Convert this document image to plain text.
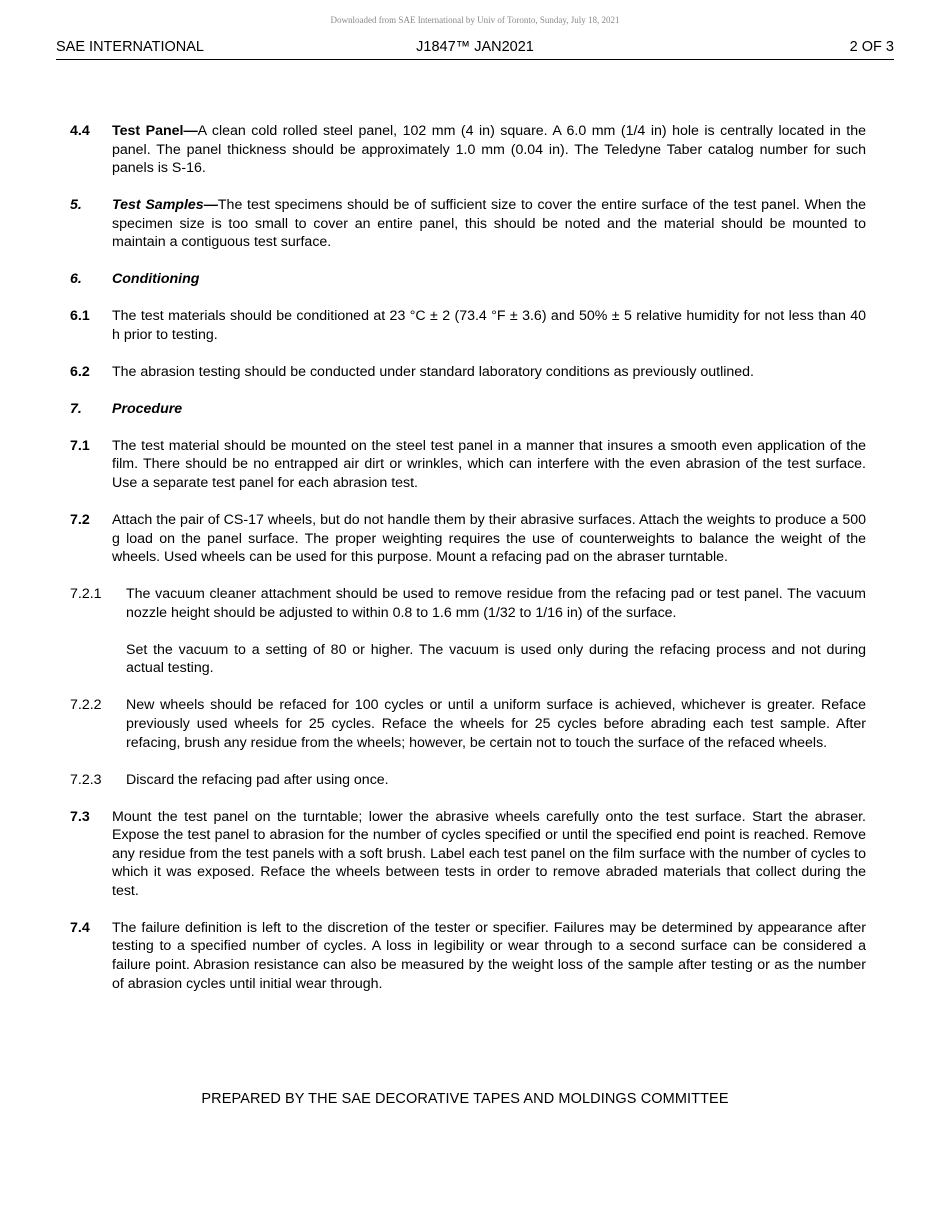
Downloaded from SAE International by Univ of Toronto, Sunday, July 18, 2021
SAE INTERNATIONAL	J1847™ JAN2021	2 OF 3
4.4	Test Panel—A clean cold rolled steel panel, 102 mm (4 in) square. A 6.0 mm (1/4 in) hole is centrally located in the panel. The panel thickness should be approximately 1.0 mm (0.04 in). The Teledyne Taber catalog number for such panels is S-16.
5.	Test Samples—The test specimens should be of sufficient size to cover the entire surface of the test panel. When the specimen size is too small to cover an entire panel, this should be noted and the material should be mounted to maintain a contiguous test surface.
6.	Conditioning
6.1	The test materials should be conditioned at 23 °C ± 2 (73.4 °F ± 3.6) and 50% ± 5 relative humidity for not less than 40 h prior to testing.
6.2	The abrasion testing should be conducted under standard laboratory conditions as previously outlined.
7.	Procedure
7.1	The test material should be mounted on the steel test panel in a manner that insures a smooth even application of the film. There should be no entrapped air dirt or wrinkles, which can interfere with the even abrasion of the test surface. Use a separate test panel for each abrasion test.
7.2	Attach the pair of CS-17 wheels, but do not handle them by their abrasive surfaces. Attach the weights to produce a 500 g load on the panel surface. The proper weighting requires the use of counterweights to balance the weight of the wheels. Used wheels can be used for this purpose. Mount a refacing pad on the abraser turntable.
7.2.1	The vacuum cleaner attachment should be used to remove residue from the refacing pad or test panel. The vacuum nozzle height should be adjusted to within 0.8 to 1.6 mm (1/32 to 1/16 in) of the surface.
Set the vacuum to a setting of 80 or higher. The vacuum is used only during the refacing process and not during actual testing.
7.2.2	New wheels should be refaced for 100 cycles or until a uniform surface is achieved, whichever is greater. Reface previously used wheels for 25 cycles. Reface the wheels for 25 cycles before abrading each test sample. After refacing, brush any residue from the wheels; however, be certain not to touch the surface of the refaced wheels.
7.2.3	Discard the refacing pad after using once.
7.3	Mount the test panel on the turntable; lower the abrasive wheels carefully onto the test surface. Start the abraser. Expose the test panel to abrasion for the number of cycles specified or until the specified end point is reached. Remove any residue from the test panels with a soft brush. Label each test panel on the film surface with the number of cycles to which it was exposed. Reface the wheels between tests in order to remove abraded materials that collect during the test.
7.4	The failure definition is left to the discretion of the tester or specifier. Failures may be determined by appearance after testing to a specified number of cycles. A loss in legibility or wear through to a second surface can be considered a failure point. Abrasion resistance can also be measured by the weight loss of the sample after testing or as the number of abrasion cycles until initial wear through.
PREPARED BY THE SAE DECORATIVE TAPES AND MOLDINGS COMMITTEE
